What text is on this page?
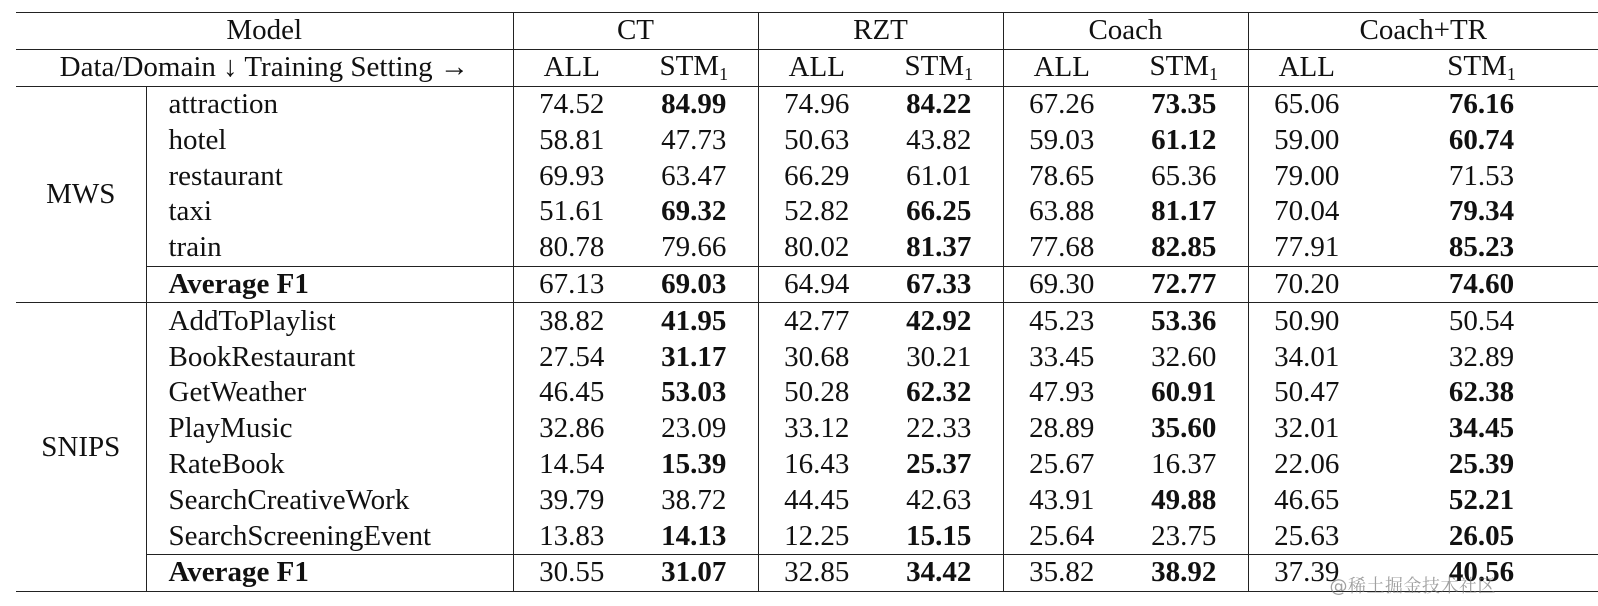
Model		CT		RZT		Coach		Coach+TR	
Data/Domain ↓ Training Setting →		ALL	$STM_1$	ALL	$STM_1$	ALL	$STM_1$	ALL	$STM_1$
MWS	attraction	74.52	84.99	74.96	84.22	67.26	73.35	65.06	76.16
	hotel	58.81	47.73	50.63	43.82	59.03	61.12	59.00	60.74
	restaurant	69.93	63.47	66.29	61.01	78.65	65.36	79.00	71.53
	taxi	51.61	69.32	52.82	66.25	63.88	81.17	70.04	79.34
	train	80.78	79.66	80.02	81.37	77.68	82.85	77.91	85.23
	Average F1	67.13	69.03	64.94	67.33	69.30	72.77	70.20	74.60
SNIPS	AddToPlaylist	38.82	41.95	42.77	42.92	45.23	53.36	50.90	50.54
	BookRestaurant	27.54	31.17	30.68	30.21	33.45	32.60	34.01	32.89
	GetWeather	46.45	53.03	50.28	62.32	47.93	60.91	50.47	62.38
	PlayMusic	32.86	23.09	33.12	22.33	28.89	35.60	32.01	34.45
	RateBook	14.54	15.39	16.43	25.37	25.67	16.37	22.06	25.39
	SearchCreativeWork	39.79	38.72	44.45	42.63	43.91	49.88	46.65	52.21
	SearchScreeningEvent	13.83	14.13	12.25	15.15	25.64	23.75	25.63	26.05
	Average F1	30.55	31.07	32.85	34.42	35.82	38.92	37.39	40.56
@稀土掘金技术社区
